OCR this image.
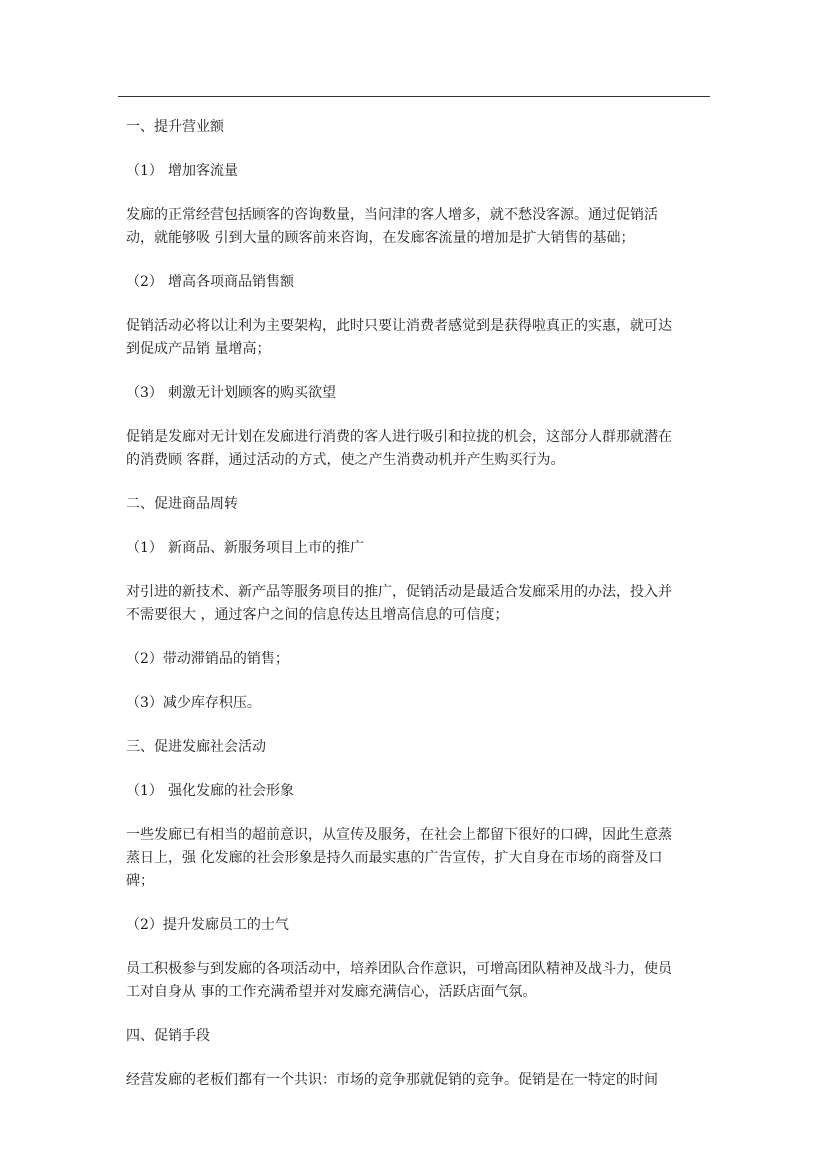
一、提升营业额

（1） 增加客流量

发廊的正常经营包括顾客的咨询数量，当问津的客人增多，就不愁没客源。通过促销活

动，就能够吸 引到大量的顾客前来咨询，在发廊客流量的增加是扩大销售的基础；

（2） 增高各项商品销售额

促销活动必将以让利为主要架构，此时只要让消费者感觉到是获得啦真正的实惠，就可达

到促成产品销 量增高；

（3） 刺激无计划顾客的购买欲望

促销是发廊对无计划在发廊进行消费的客人进行吸引和拉拢的机会，这部分人群那就潜在

的消费顾 客群，通过活动的方式，使之产生消费动机并产生购买行为。

二、促进商品周转

（1） 新商品、新服务项目上市的推广

对引进的新技术、新产品等服务项目的推广，促销活动是最适合发廊采用的办法，投入并

不需要很大 ，通过客户之间的信息传达且增高信息的可信度；

（2）带动滞销品的销售；

（3）减少库存积压。

三、促进发廊社会活动

（1） 强化发廊的社会形象

一些发廊已有相当的超前意识，从宣传及服务，在社会上都留下很好的口碑，因此生意蒸

蒸日上，强 化发廊的社会形象是持久而最实惠的广告宣传，扩大自身在市场的商誉及口

碑；

（2）提升发廊员工的士气

员工积极参与到发廊的各项活动中，培养团队合作意识，可增高团队精神及战斗力，使员

工对自身从 事的工作充满希望并对发廊充满信心，活跃店面气氛。

四、促销手段

经营发廊的老板们都有一个共识：市场的竞争那就促销的竞争。促销是在一特定的时间
